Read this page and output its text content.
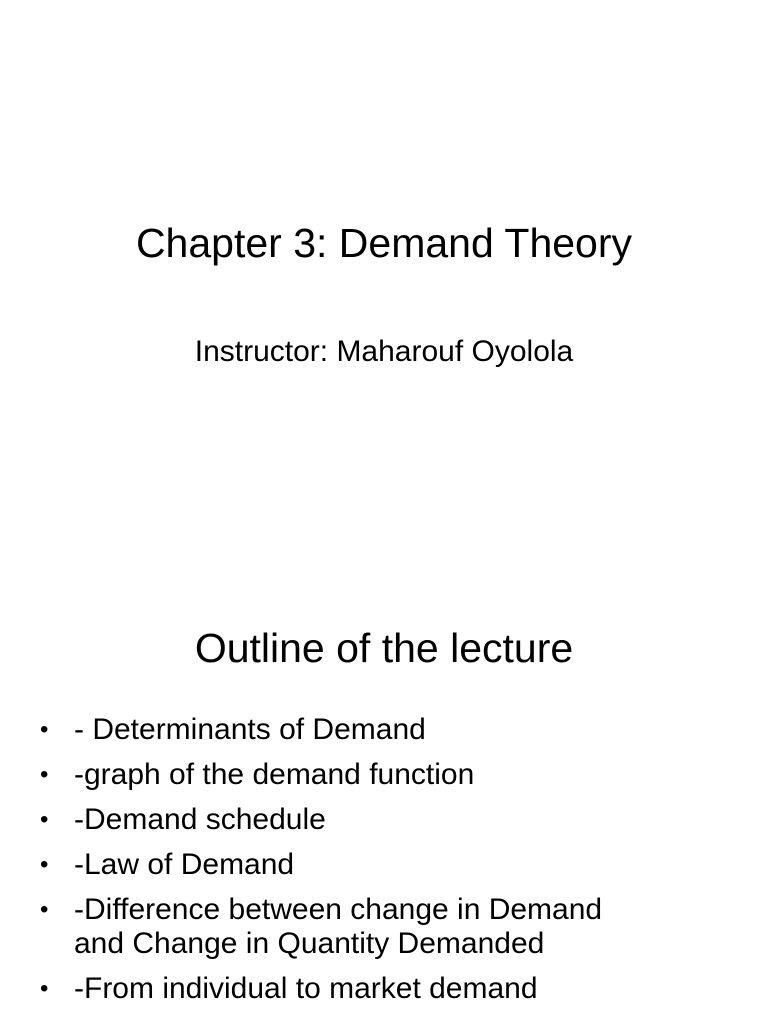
Chapter 3: Demand Theory
Instructor: Maharouf Oyolola
Outline of the lecture
• - Determinants of Demand
• -graph of the demand function
• -Demand schedule
• -Law of Demand
• -Difference between change in Demand
and Change in Quantity Demanded
• -From individual to market demand
